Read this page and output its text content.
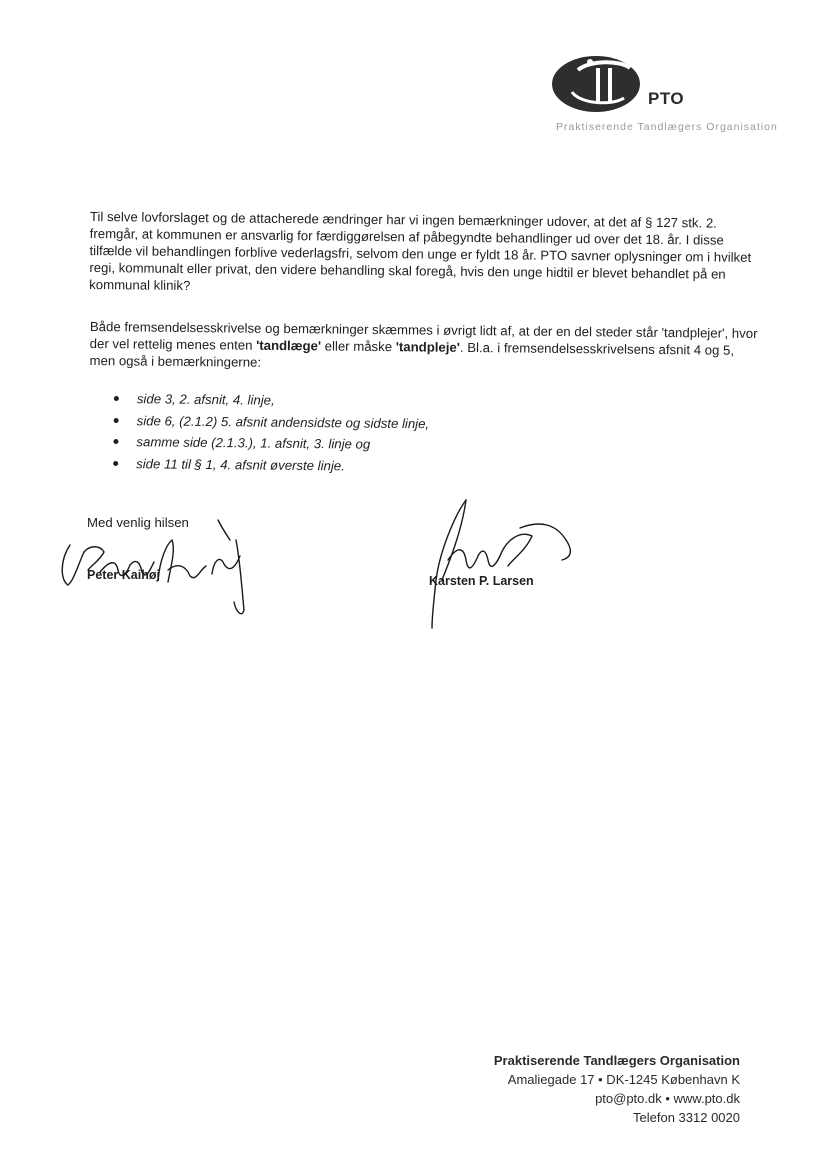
PTO
Praktiserende Tandlægers Organisation
Til selve lovforslaget og de attacherede ændringer har vi ingen bemærkninger udover, at det af § 127 stk. 2. fremgår, at kommunen er ansvarlig for færdiggørelsen af påbegyndte behandlinger ud over det 18. år. I disse tilfælde vil behandlingen forblive vederlagsfri, selvom den unge er fyldt 18 år. PTO savner oplysninger om i hvilket regi, kommunalt eller privat, den videre behandling skal foregå, hvis den unge hidtil er blevet behandlet på en kommunal klinik?
Både fremsendelsesskrivelse og bemærkninger skæmmes i øvrigt lidt af, at der en del steder står 'tandplejer', hvor der vel rettelig menes enten 'tandlæge' eller måske 'tandpleje'. Bl.a. i fremsendelsesskrivelsens afsnit 4 og 5, men også i bemærkningerne:
side 3, 2. afsnit, 4. linje,
side 6, (2.1.2) 5. afsnit andensidste og sidste linje,
samme side (2.1.3.), 1. afsnit, 3. linje og
side 11 til § 1, 4. afsnit øverste linje.
Med venlig hilsen
Peter Kaihøj	Karsten P. Larsen
Praktiserende Tandlægers Organisation
Amaliegade 17 • DK-1245 København K
pto@pto.dk • www.pto.dk
Telefon 3312 0020
